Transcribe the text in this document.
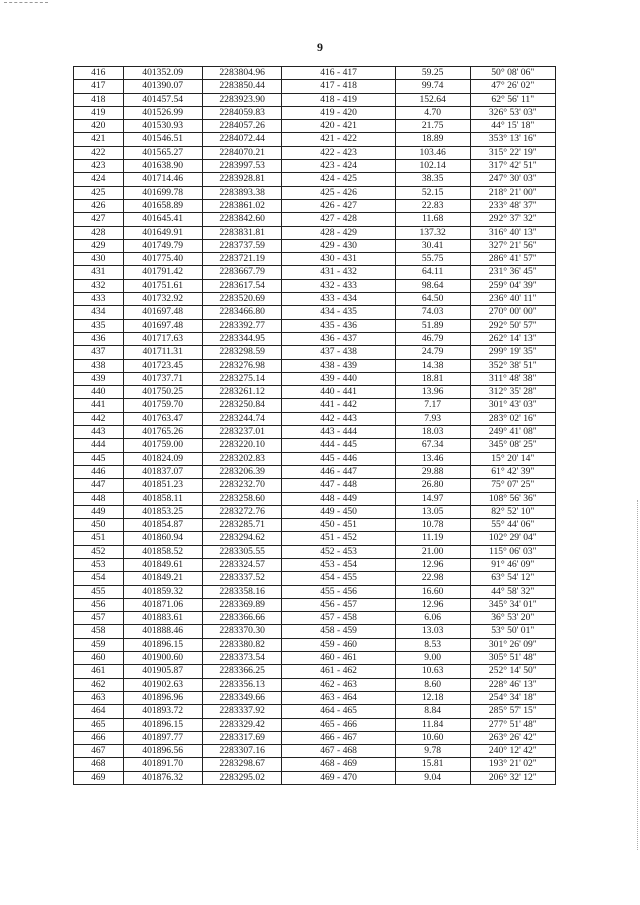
9
416	401352.09	2283804.96	416 - 417	59.25	50° 08' 06"
417	401390.07	2283850.44	417 - 418	99.74	47° 26' 02"
418	401457.54	2283923.90	418 - 419	152.64	62° 56' 11"
419	401526.99	2284059.83	419 - 420	4.70	326° 53' 03"
420	401530.93	2284057.26	420 - 421	21.75	44° 15' 18"
421	401546.51	2284072.44	421 - 422	18.89	353° 13' 16"
422	401565.27	2284070.21	422 - 423	103.46	315° 22' 19"
423	401638.90	2283997.53	423 - 424	102.14	317° 42' 51"
424	401714.46	2283928.81	424 - 425	38.35	247° 30' 03"
425	401699.78	2283893.38	425 - 426	52.15	218° 21' 00"
426	401658.89	2283861.02	426 - 427	22.83	233° 48' 37"
427	401645.41	2283842.60	427 - 428	11.68	292° 37' 32"
428	401649.91	2283831.81	428 - 429	137.32	316° 40' 13"
429	401749.79	2283737.59	429 - 430	30.41	327° 21' 56"
430	401775.40	2283721.19	430 - 431	55.75	286° 41' 57"
431	401791.42	2283667.79	431 - 432	64.11	231° 36' 45"
432	401751.61	2283617.54	432 - 433	98.64	259° 04' 39"
433	401732.92	2283520.69	433 - 434	64.50	236° 40' 11"
434	401697.48	2283466.80	434 - 435	74.03	270° 00' 00"
435	401697.48	2283392.77	435 - 436	51.89	292° 50' 57"
436	401717.63	2283344.95	436 - 437	46.79	262° 14' 13"
437	401711.31	2283298.59	437 - 438	24.79	299° 19' 35"
438	401723.45	2283276.98	438 - 439	14.38	352° 38' 51"
439	401737.71	2283275.14	439 - 440	18.81	311° 48' 38"
440	401750.25	2283261.12	440 - 441	13.96	312° 35' 28"
441	401759.70	2283250.84	441 - 442	7.17	301° 43' 03"
442	401763.47	2283244.74	442 - 443	7.93	283° 02' 16"
443	401765.26	2283237.01	443 - 444	18.03	249° 41' 08"
444	401759.00	2283220.10	444 - 445	67.34	345° 08' 25"
445	401824.09	2283202.83	445 - 446	13.46	15° 20' 14"
446	401837.07	2283206.39	446 - 447	29.88	61° 42' 39"
447	401851.23	2283232.70	447 - 448	26.80	75° 07' 25"
448	401858.11	2283258.60	448 - 449	14.97	108° 56' 36"
449	401853.25	2283272.76	449 - 450	13.05	82° 52' 10"
450	401854.87	2283285.71	450 - 451	10.78	55° 44' 06"
451	401860.94	2283294.62	451 - 452	11.19	102° 29' 04"
452	401858.52	2283305.55	452 - 453	21.00	115° 06' 03"
453	401849.61	2283324.57	453 - 454	12.96	91° 46' 09"
454	401849.21	2283337.52	454 - 455	22.98	63° 54' 12"
455	401859.32	2283358.16	455 - 456	16.60	44° 58' 32"
456	401871.06	2283369.89	456 - 457	12.96	345° 34' 01"
457	401883.61	2283366.66	457 - 458	6.06	36° 53' 20"
458	401888.46	2283370.30	458 - 459	13.03	53° 50' 01"
459	401896.15	2283380.82	459 - 460	8.53	301° 26' 09"
460	401900.60	2283373.54	460 - 461	9.00	305° 51' 48"
461	401905.87	2283366.25	461 - 462	10.63	252° 14' 50"
462	401902.63	2283356.13	462 - 463	8.60	228° 46' 13"
463	401896.96	2283349.66	463 - 464	12.18	254° 34' 18"
464	401893.72	2283337.92	464 - 465	8.84	285° 57' 15"
465	401896.15	2283329.42	465 - 466	11.84	277° 51' 48"
466	401897.77	2283317.69	466 - 467	10.60	263° 26' 42"
467	401896.56	2283307.16	467 - 468	9.78	240° 12' 42"
468	401891.70	2283298.67	468 - 469	15.81	193° 21' 02"
469	401876.32	2283295.02	469 - 470	9.04	206° 32' 12"
